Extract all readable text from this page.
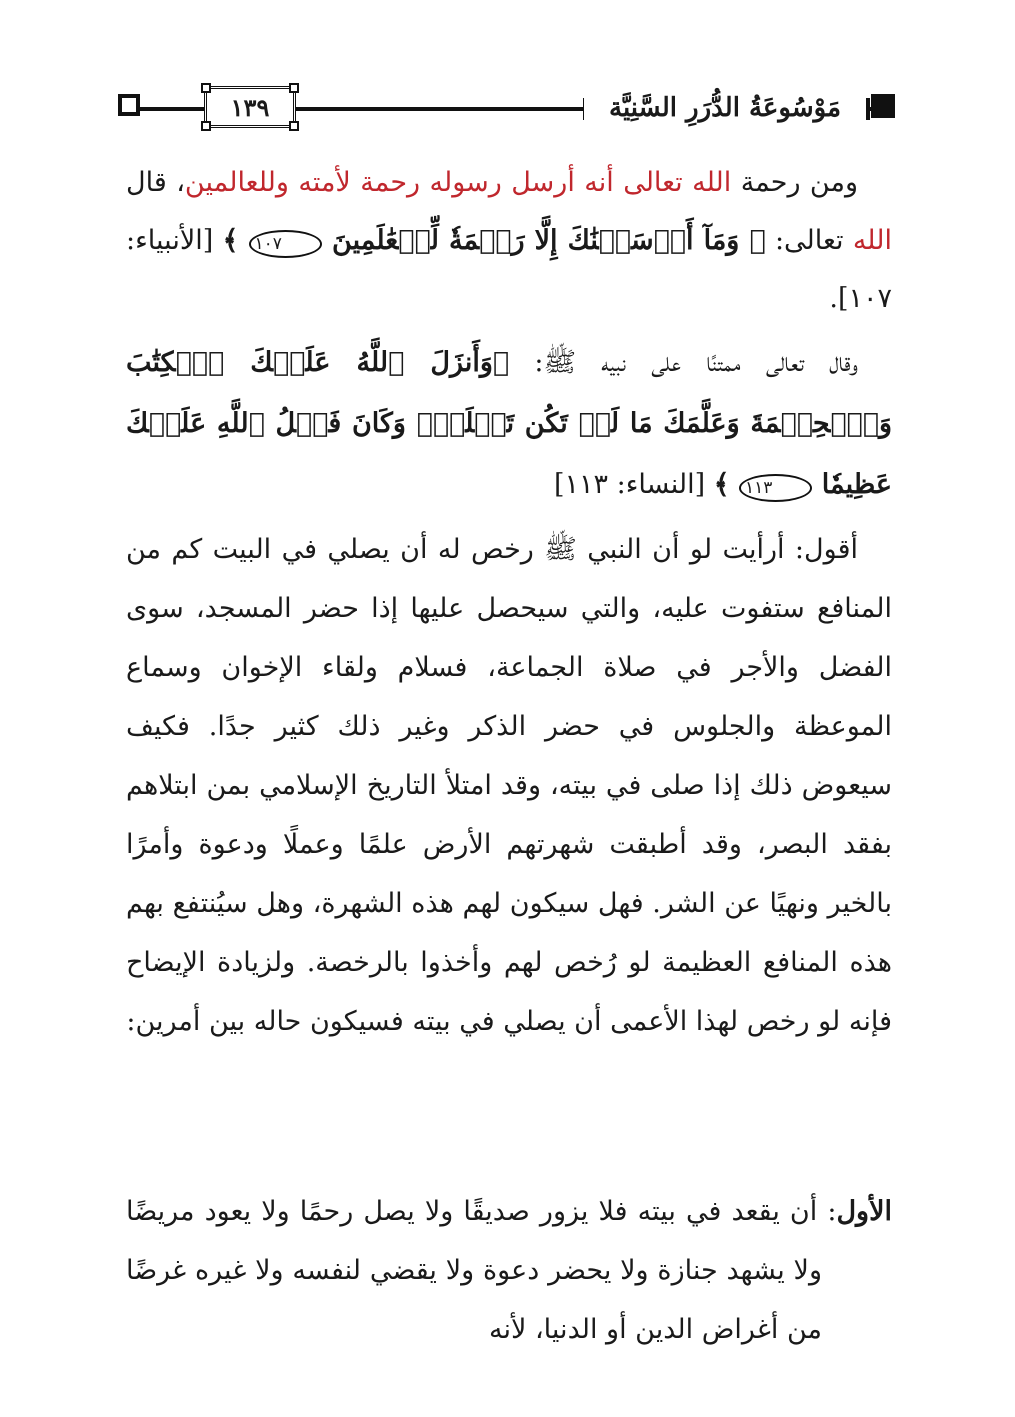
١٣٩	مَوْسُوعَةُ الدُّرَرِ السَّنِيَّة

ومن رحمة الله تعالى أنه أرسل رسوله رحمة لأمته وللعالمين، قال الله تعالى: ﴿ وَمَآ أَرۡسَلۡنَٰكَ إِلَّا رَحۡمَةٗ لِّلۡعَٰلَمِينَ ١٠٧ ﴾ [الأنبياء: ١٠٧].

وقال تعالى ممتنًا على نبيه ﷺ: ﴿وَأَنزَلَ ٱللَّهُ عَلَيۡكَ ٱلۡكِتَٰبَ وَٱلۡحِكۡمَةَ وَعَلَّمَكَ مَا لَمۡ تَكُن تَعۡلَمُۚ وَكَانَ فَضۡلُ ٱللَّهِ عَلَيۡكَ عَظِيمٗا ١١٣ ﴾ [النساء: ١١٣]

أقول: أرأيت لو أن النبي ﷺ رخص له أن يصلي في البيت كم من المنافع ستفوت عليه، والتي سيحصل عليها إذا حضر المسجد، سوى الفضل والأجر في صلاة الجماعة، فسلام ولقاء الإخوان وسماع الموعظة والجلوس في حضر الذكر وغير ذلك كثير جدًا. فكيف سيعوض ذلك إذا صلى في بيته، وقد امتلأ التاريخ الإسلامي بمن ابتلاهم بفقد البصر، وقد أطبقت شهرتهم الأرض علمًا وعملًا ودعوة وأمرًا بالخير ونهيًا عن الشر. فهل سيكون لهم هذه الشهرة، وهل سيُنتفع بهم هذه المنافع العظيمة لو رُخص لهم وأخذوا بالرخصة. ولزيادة الإيضاح فإنه لو رخص لهذا الأعمى أن يصلي في بيته فسيكون حاله بين أمرين:

الأول: أن يقعد في بيته فلا يزور صديقًا ولا يصل رحمًا ولا يعود مريضًا ولا يشهد جنازة ولا يحضر دعوة ولا يقضي لنفسه ولا غيره غرضًا من أغراض الدين أو الدنيا، لأنه
